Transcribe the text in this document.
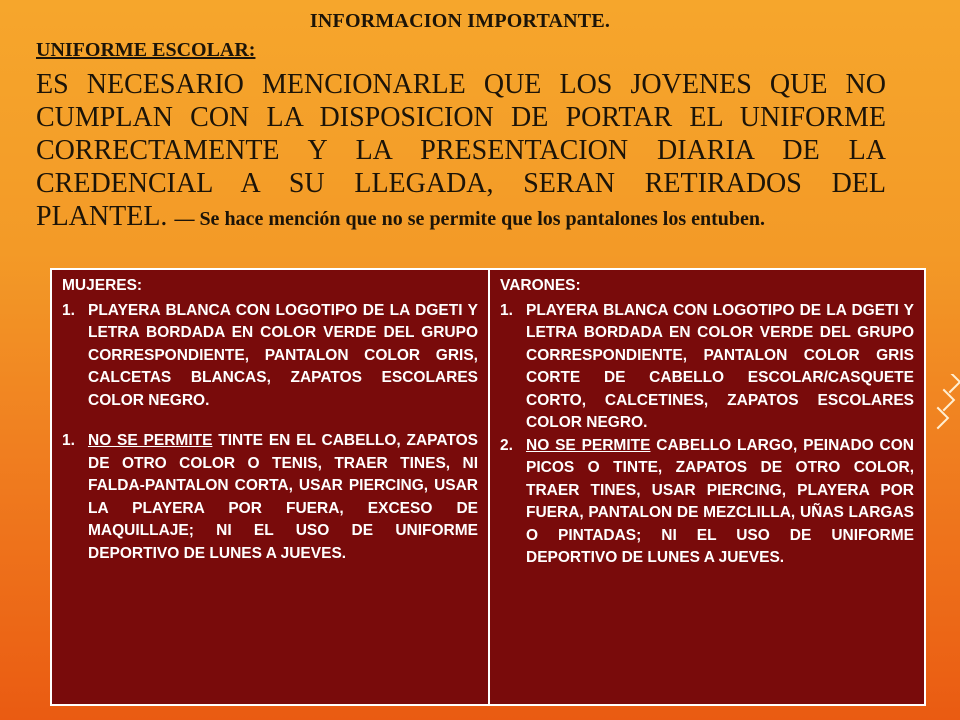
INFORMACION IMPORTANTE.
UNIFORME ESCOLAR:
ES NECESARIO MENCIONARLE QUE LOS JOVENES QUE NO CUMPLAN CON LA DISPOSICION DE PORTAR EL UNIFORME CORRECTAMENTE Y LA PRESENTACION DIARIA DE LA CREDENCIAL A SU LLEGADA, SERAN RETIRADOS DEL PLANTEL. — Se hace mención que no se permite que los pantalones los entuben.
MUJERES:
1. PLAYERA BLANCA CON LOGOTIPO DE LA DGETI Y LETRA BORDADA EN COLOR VERDE DEL GRUPO CORRESPONDIENTE, PANTALON COLOR GRIS, CALCETAS BLANCAS, ZAPATOS ESCOLARES COLOR NEGRO.
1. NO SE PERMITE TINTE EN EL CABELLO, ZAPATOS DE OTRO COLOR O TENIS, TRAER TINES, NI FALDA-PANTALON CORTA, USAR PIERCING, USAR LA PLAYERA POR FUERA, EXCESO DE MAQUILLAJE; NI EL USO DE UNIFORME DEPORTIVO DE LUNES A JUEVES.
VARONES:
1. PLAYERA BLANCA CON LOGOTIPO DE LA DGETI Y LETRA BORDADA EN COLOR VERDE DEL GRUPO CORRESPONDIENTE, PANTALON COLOR GRIS CORTE DE CABELLO ESCOLAR/CASQUETE CORTO, CALCETINES, ZAPATOS ESCOLARES COLOR NEGRO.
2. NO SE PERMITE CABELLO LARGO, PEINADO CON PICOS O TINTE, ZAPATOS DE OTRO COLOR, TRAER TINES, USAR PIERCING, PLAYERA POR FUERA, PANTALON DE MEZCLILLA, UÑAS LARGAS O PINTADAS; NI EL USO DE UNIFORME DEPORTIVO DE LUNES A JUEVES.
